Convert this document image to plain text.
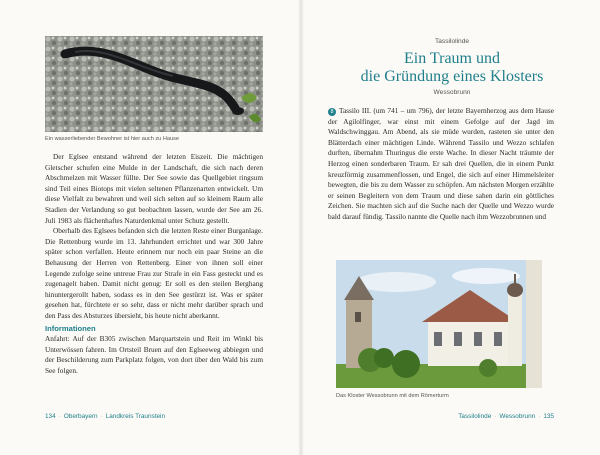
Ein wasserliebender Bewohner ist hier auch zu Hause

Der Eglsee entstand während der letzten Eiszeit. Die mächtigen Gletscher schufen eine Mulde in der Landschaft, die sich nach deren Abschmelzen mit Wasser füllte. Der See sowie das Quellgebiet ringsum sind Teil eines Biotops mit vielen seltenen Pflanzenarten entwickelt. Um diese Vielfalt zu bewahren und weil sich selten auf so kleinem Raum alle Stadien der Verlandung so gut beobachten lassen, wurde der See am 26. Juli 1983 als flächenhaftes Naturdenkmal unter Schutz gestellt.

Oberhalb des Eglsees befanden sich die letzten Reste einer Burganlage. Die Rettenburg wurde im 13. Jahrhundert errichtet und war 300 Jahre später schon verfallen. Heute erinnern nur noch ein paar Steine an die Behausung der Herren von Rettenberg. Einer von ihnen soll einer Legende zufolge seine untreue Frau zur Strafe in ein Fass gesteckt und es zugenagelt haben. Damit nicht genug: Er soll es den steilen Berghang hinuntergerollt haben, sodass es in den See gestürzt ist. Was er später gesehen hat, fürchtete er so sehr, dass er nicht mehr darüber sprach und den Pass des Absturzes übersieht, bis heute nicht aberkannt.

Informationen

Anfahrt: Auf der B305 zwischen Marquartstein und Reit im Winkl bis Unterwössen fahren. Im Ortsteil Bruen auf den Eglseeweg abbiegen und der Beschilderung zum Parkplatz folgen, von dort über den Wald bis zum See folgen.

134 · Oberbayern · Landkreis Traunstein
Tassilolinde
Ein Traum und
die Gründung eines Klosters
Wessobrunn

8 Tassilo III. (um 741 – um 796), der letzte Bayernherzog aus dem Hause der Agilolfinger, war einst mit einem Gefolge auf der Jagd im Waldschwinggau. Am Abend, als sie müde wurden, rasteten sie unter den Blätterdach einer mächtigen Linde. Während Tassilo und Wezzo schlafen durften, übernahm Thuringus die erste Wache. In dieser Nacht träumte der Herzog einen sonderbaren Traum. Er sah drei Quellen, die in einem Punkt kreuzförmig zusammenflossen, und Engel, die sich auf einer Himmelsleiter bewegten, die bis zu dem Wasser zu schöpfen. Am nächsten Morgen erzählte er seinen Begleitern von dem Traum und diese sahen darin ein göttliches Zeichen. Sie machten sich auf die Suche nach der Quelle und Wezzo wurde bald darauf fündig. Tassilo nannte die Quelle nach ihm Wezzobrunnen und

Das Kloster Wessobrunn mit dem Römerturm
Tassilolinde · Wessobrunn · 135
